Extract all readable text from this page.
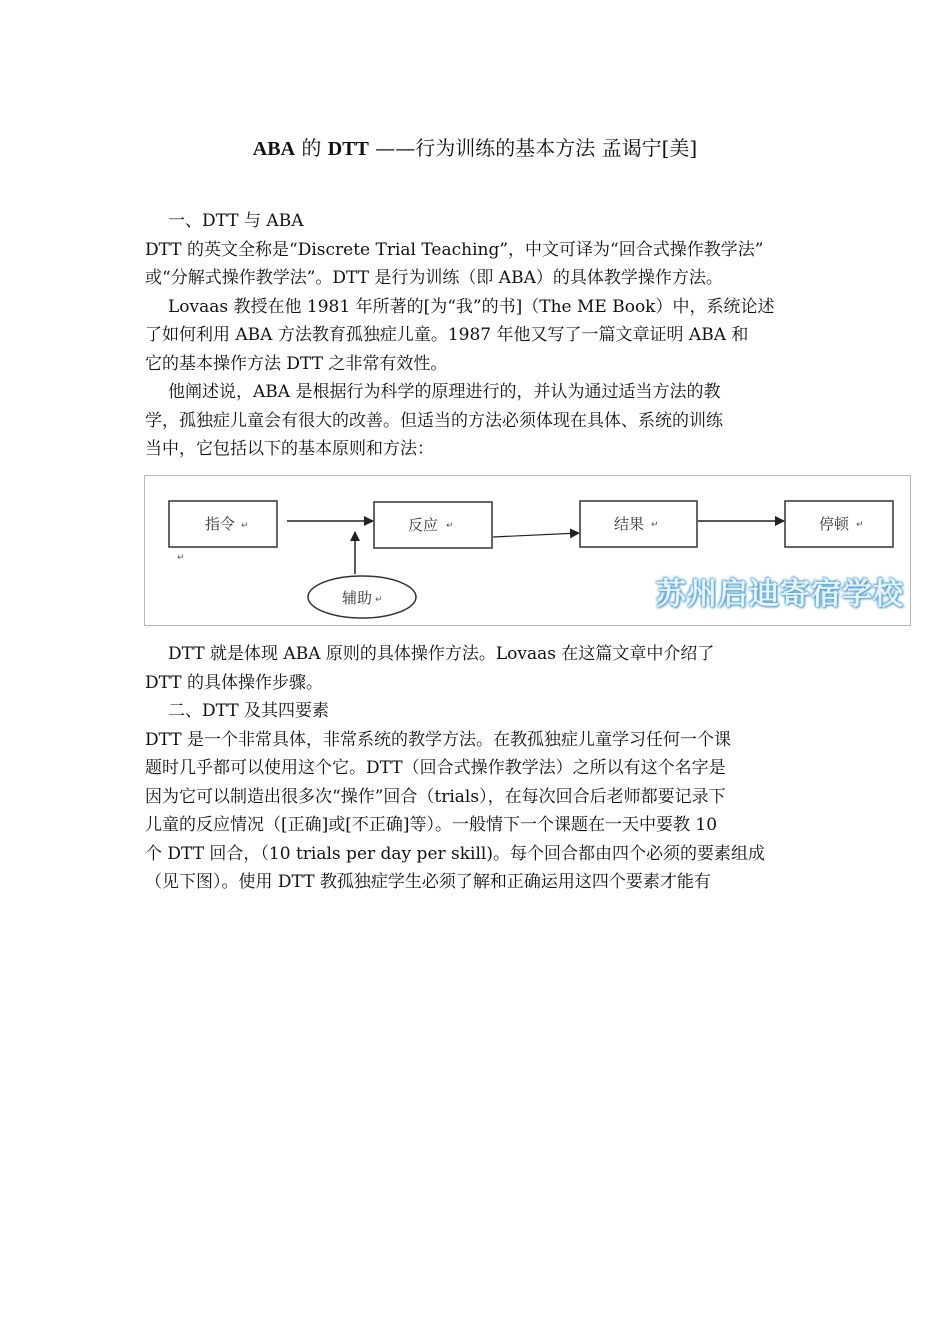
ABA 的 DTT ——行为训练的基本方法 孟谒宁[美]
一、DTT 与 ABA
DTT 的英文全称是“Discrete Trial Teaching”，中文可译为“回合式操作教学法”
或“分解式操作教学法”。DTT 是行为训练（即 ABA）的具体教学操作方法。
Lovaas 教授在他 1981 年所著的[为“我”的书]（The ME Book）中，系统论述
了如何利用 ABA 方法教育孤独症儿童。1987 年他又写了一篇文章证明 ABA 和
它的基本操作方法 DTT 之非常有效性。
他阐述说，ABA 是根据行为科学的原理进行的，并认为通过适当方法的教
学，孤独症儿童会有很大的改善。但适当的方法必须体现在具体、系统的训练
当中，它包括以下的基本原则和方法：
指令 ↵	反应 ↵	结果 ↵	停顿 ↵
↵
辅助 ↵	苏州启迪寄宿学校
DTT 就是体现 ABA 原则的具体操作方法。Lovaas 在这篇文章中介绍了
DTT 的具体操作步骤。
二、DTT 及其四要素
DTT 是一个非常具体，非常系统的教学方法。在教孤独症儿童学习任何一个课
题时几乎都可以使用这个它。DTT（回合式操作教学法）之所以有这个名字是
因为它可以制造出很多次“操作”回合（trials），在每次回合后老师都要记录下
儿童的反应情况（[正确]或[不正确]等）。一般情下一个课题在一天中要教 10
个 DTT 回合，（10 trials per day per skill)。每个回合都由四个必须的要素组成
（见下图）。使用 DTT 教孤独症学生必须了解和正确运用这四个要素才能有
